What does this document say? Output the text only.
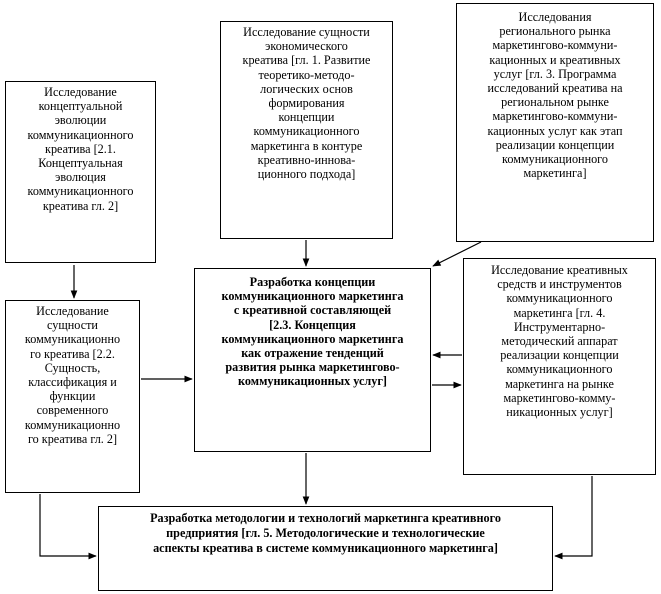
Исследование
концептуальной
эволюции
коммуникационного
креатива [2.1.
Концептуальная
эволюция
коммуникационного
креатива гл. 2]
Исследование сущности
экономического
креатива [гл. 1. Развитие
теоретико-методо-
логических основ
формирования
концепции
коммуникационного
маркетинга в контуре
креативно-иннова-
ционного подхода]
Исследования
регионального рынка
маркетингово-коммуни-
кационных и креативных
услуг [гл. 3. Программа
исследований креатива на
региональном рынке
маркетингово-коммуни-
кационных услуг как этап
реализации концепции
коммуникационного
маркетинга]
Исследование
сущности
коммуникационно
го креатива [2.2.
Сущность,
классификация и
функции
современного
коммуникационно
го креатива гл. 2]
Разработка концепции
коммуникационного маркетинга
с креативной составляющей
[2.3. Концепция
коммуникационного маркетинга
как отражение тенденций
развития рынка маркетингово-
коммуникационных услуг]
Исследование креативных
средств и инструментов
коммуникационного
маркетинга [гл. 4.
Инструментарно-
методический аппарат
реализации концепции
коммуникационного
маркетинга на рынке
маркетингово-комму-
никационных услуг]
Разработка методологии и технологий маркетинга креативного
предприятия [гл. 5. Методологические и технологические
аспекты креатива в системе коммуникационного маркетинга]
